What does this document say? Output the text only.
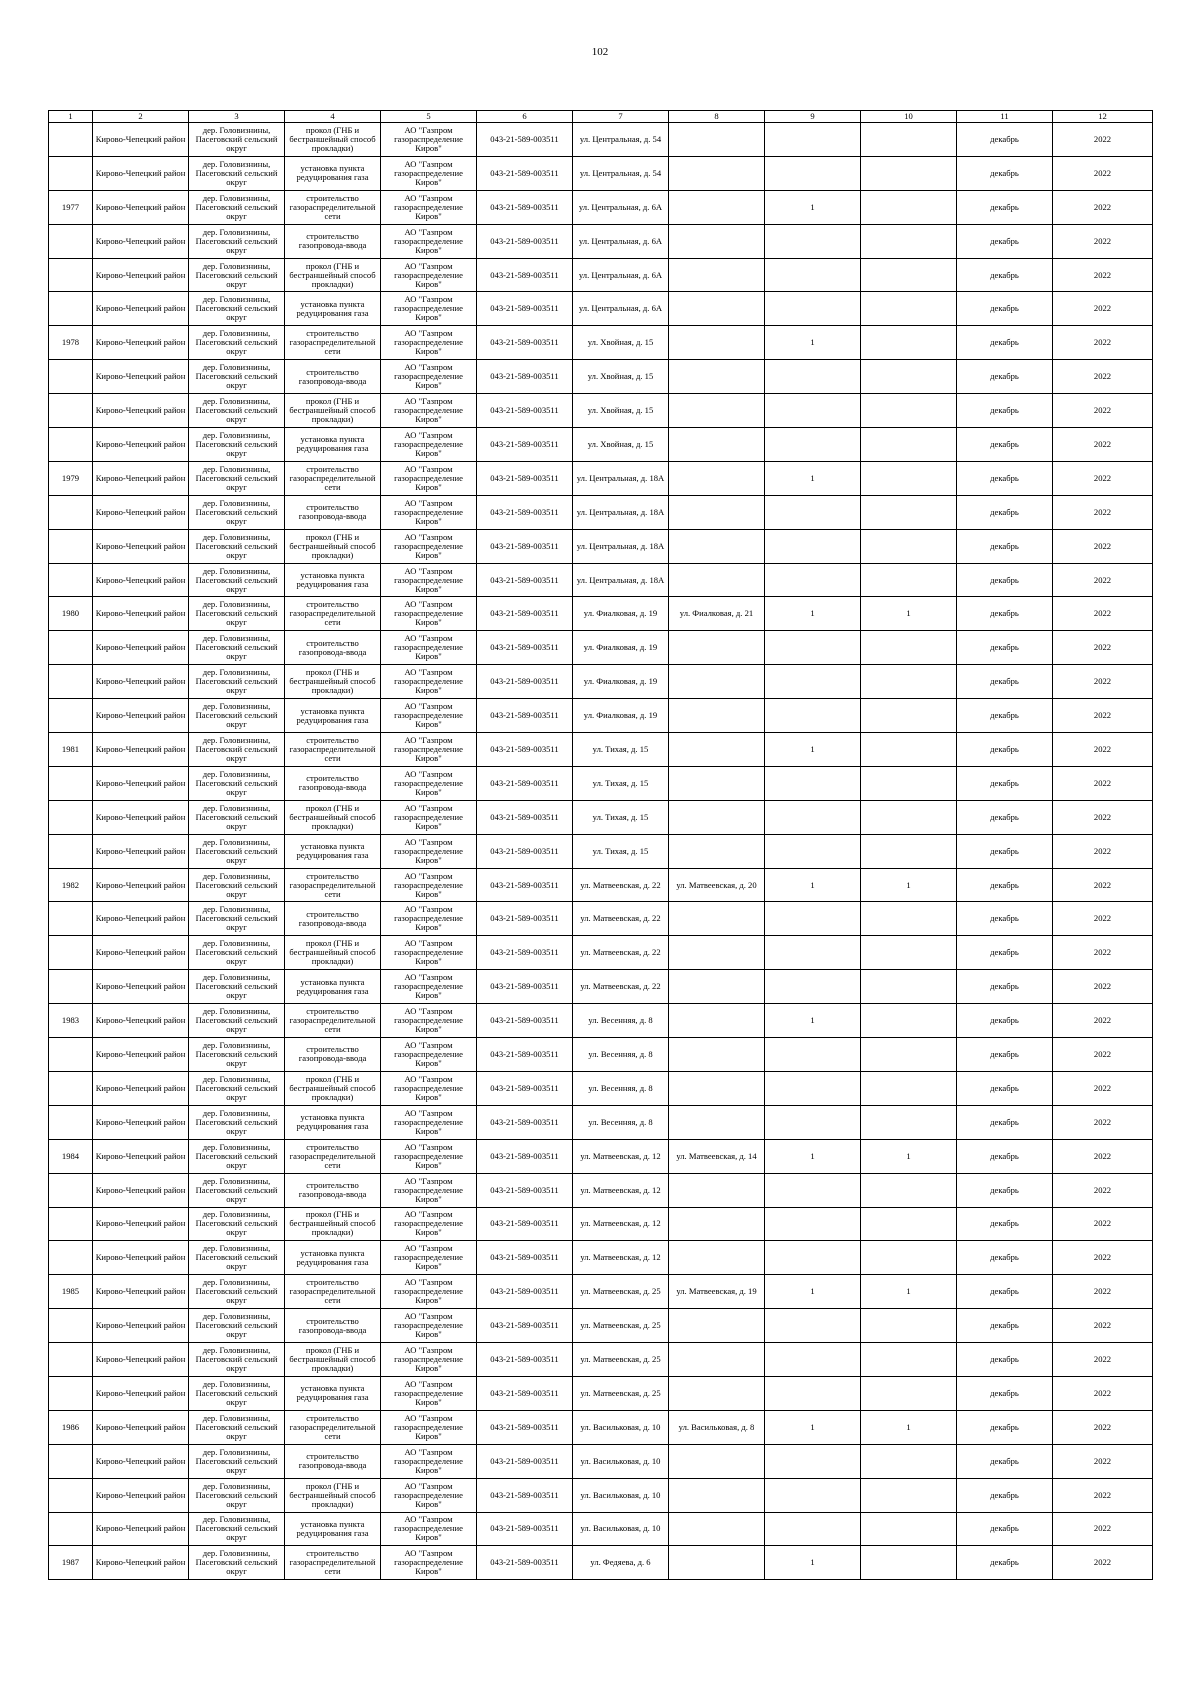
102
1	2	3	4	5	6	7	8	9	10	11	12

	Кирово-Чепецкий район	дер. Головизнины, Пасеговский сельский округ	прокол (ГНБ и бестраншейный способ прокладки)	АО "Газпром газораспределение Киров"	043-21-589-003511	ул. Центральная, д. 54				декабрь	2022

	Кирово-Чепецкий район	дер. Головизнины, Пасеговский сельский округ	установка пункта редуцирования газа	АО "Газпром газораспределение Киров"	043-21-589-003511	ул. Центральная, д. 54				декабрь	2022

1977	Кирово-Чепецкий район	дер. Головизнины, Пасеговский сельский округ	строительство газораспределительной сети	АО "Газпром газораспределение Киров"	043-21-589-003511	ул. Центральная, д. 6А		1		декабрь	2022

	Кирово-Чепецкий район	дер. Головизнины, Пасеговский сельский округ	строительство газопровода-ввода	АО "Газпром газораспределение Киров"	043-21-589-003511	ул. Центральная, д. 6А				декабрь	2022

	Кирово-Чепецкий район	дер. Головизнины, Пасеговский сельский округ	прокол (ГНБ и бестраншейный способ прокладки)	АО "Газпром газораспределение Киров"	043-21-589-003511	ул. Центральная, д. 6А				декабрь	2022

	Кирово-Чепецкий район	дер. Головизнины, Пасеговский сельский округ	установка пункта редуцирования газа	АО "Газпром газораспределение Киров"	043-21-589-003511	ул. Центральная, д. 6А				декабрь	2022

1978	Кирово-Чепецкий район	дер. Головизнины, Пасеговский сельский округ	строительство газораспределительной сети	АО "Газпром газораспределение Киров"	043-21-589-003511	ул. Хвойная, д. 15		1		декабрь	2022

	Кирово-Чепецкий район	дер. Головизнины, Пасеговский сельский округ	строительство газопровода-ввода	АО "Газпром газораспределение Киров"	043-21-589-003511	ул. Хвойная, д. 15				декабрь	2022

	Кирово-Чепецкий район	дер. Головизнины, Пасеговский сельский округ	прокол (ГНБ и бестраншейный способ прокладки)	АО "Газпром газораспределение Киров"	043-21-589-003511	ул. Хвойная, д. 15				декабрь	2022

	Кирово-Чепецкий район	дер. Головизнины, Пасеговский сельский округ	установка пункта редуцирования газа	АО "Газпром газораспределение Киров"	043-21-589-003511	ул. Хвойная, д. 15				декабрь	2022

1979	Кирово-Чепецкий район	дер. Головизнины, Пасеговский сельский округ	строительство газораспределительной сети	АО "Газпром газораспределение Киров"	043-21-589-003511	ул. Центральная, д. 18А		1		декабрь	2022

	Кирово-Чепецкий район	дер. Головизнины, Пасеговский сельский округ	строительство газопровода-ввода	АО "Газпром газораспределение Киров"	043-21-589-003511	ул. Центральная, д. 18А				декабрь	2022

	Кирово-Чепецкий район	дер. Головизнины, Пасеговский сельский округ	прокол (ГНБ и бестраншейный способ прокладки)	АО "Газпром газораспределение Киров"	043-21-589-003511	ул. Центральная, д. 18А				декабрь	2022

	Кирово-Чепецкий район	дер. Головизнины, Пасеговский сельский округ	установка пункта редуцирования газа	АО "Газпром газораспределение Киров"	043-21-589-003511	ул. Центральная, д. 18А				декабрь	2022

1980	Кирово-Чепецкий район	дер. Головизнины, Пасеговский сельский округ	строительство газораспределительной сети	АО "Газпром газораспределение Киров"	043-21-589-003511	ул. Фиалковая, д. 19	ул. Фиалковая, д. 21	1	1	декабрь	2022

	Кирово-Чепецкий район	дер. Головизнины, Пасеговский сельский округ	строительство газопровода-ввода	АО "Газпром газораспределение Киров"	043-21-589-003511	ул. Фиалковая, д. 19				декабрь	2022

	Кирово-Чепецкий район	дер. Головизнины, Пасеговский сельский округ	прокол (ГНБ и бестраншейный способ прокладки)	АО "Газпром газораспределение Киров"	043-21-589-003511	ул. Фиалковая, д. 19				декабрь	2022

	Кирово-Чепецкий район	дер. Головизнины, Пасеговский сельский округ	установка пункта редуцирования газа	АО "Газпром газораспределение Киров"	043-21-589-003511	ул. Фиалковая, д. 19				декабрь	2022

1981	Кирово-Чепецкий район	дер. Головизнины, Пасеговский сельский округ	строительство газораспределительной сети	АО "Газпром газораспределение Киров"	043-21-589-003511	ул. Тихая, д. 15		1		декабрь	2022

	Кирово-Чепецкий район	дер. Головизнины, Пасеговский сельский округ	строительство газопровода-ввода	АО "Газпром газораспределение Киров"	043-21-589-003511	ул. Тихая, д. 15				декабрь	2022

	Кирово-Чепецкий район	дер. Головизнины, Пасеговский сельский округ	прокол (ГНБ и бестраншейный способ прокладки)	АО "Газпром газораспределение Киров"	043-21-589-003511	ул. Тихая, д. 15				декабрь	2022

	Кирово-Чепецкий район	дер. Головизнины, Пасеговский сельский округ	установка пункта редуцирования газа	АО "Газпром газораспределение Киров"	043-21-589-003511	ул. Тихая, д. 15				декабрь	2022

1982	Кирово-Чепецкий район	дер. Головизнины, Пасеговский сельский округ	строительство газораспределительной сети	АО "Газпром газораспределение Киров"	043-21-589-003511	ул. Матвеевская, д. 22	ул. Матвеевская, д. 20	1	1	декабрь	2022

	Кирово-Чепецкий район	дер. Головизнины, Пасеговский сельский округ	строительство газопровода-ввода	АО "Газпром газораспределение Киров"	043-21-589-003511	ул. Матвеевская, д. 22				декабрь	2022

	Кирово-Чепецкий район	дер. Головизнины, Пасеговский сельский округ	прокол (ГНБ и бестраншейный способ прокладки)	АО "Газпром газораспределение Киров"	043-21-589-003511	ул. Матвеевская, д. 22				декабрь	2022

	Кирово-Чепецкий район	дер. Головизнины, Пасеговский сельский округ	установка пункта редуцирования газа	АО "Газпром газораспределение Киров"	043-21-589-003511	ул. Матвеевская, д. 22				декабрь	2022

1983	Кирово-Чепецкий район	дер. Головизнины, Пасеговский сельский округ	строительство газораспределительной сети	АО "Газпром газораспределение Киров"	043-21-589-003511	ул. Весенняя, д. 8		1		декабрь	2022

	Кирово-Чепецкий район	дер. Головизнины, Пасеговский сельский округ	строительство газопровода-ввода	АО "Газпром газораспределение Киров"	043-21-589-003511	ул. Весенняя, д. 8				декабрь	2022

	Кирово-Чепецкий район	дер. Головизнины, Пасеговский сельский округ	прокол (ГНБ и бестраншейный способ прокладки)	АО "Газпром газораспределение Киров"	043-21-589-003511	ул. Весенняя, д. 8				декабрь	2022

	Кирово-Чепецкий район	дер. Головизнины, Пасеговский сельский округ	установка пункта редуцирования газа	АО "Газпром газораспределение Киров"	043-21-589-003511	ул. Весенняя, д. 8				декабрь	2022

1984	Кирово-Чепецкий район	дер. Головизнины, Пасеговский сельский округ	строительство газораспределительной сети	АО "Газпром газораспределение Киров"	043-21-589-003511	ул. Матвеевская, д. 12	ул. Матвеевская, д. 14	1	1	декабрь	2022

	Кирово-Чепецкий район	дер. Головизнины, Пасеговский сельский округ	строительство газопровода-ввода	АО "Газпром газораспределение Киров"	043-21-589-003511	ул. Матвеевская, д. 12				декабрь	2022

	Кирово-Чепецкий район	дер. Головизнины, Пасеговский сельский округ	прокол (ГНБ и бестраншейный способ прокладки)	АО "Газпром газораспределение Киров"	043-21-589-003511	ул. Матвеевская, д. 12				декабрь	2022

	Кирово-Чепецкий район	дер. Головизнины, Пасеговский сельский округ	установка пункта редуцирования газа	АО "Газпром газораспределение Киров"	043-21-589-003511	ул. Матвеевская, д. 12				декабрь	2022

1985	Кирово-Чепецкий район	дер. Головизнины, Пасеговский сельский округ	строительство газораспределительной сети	АО "Газпром газораспределение Киров"	043-21-589-003511	ул. Матвеевская, д. 25	ул. Матвеевская, д. 19	1	1	декабрь	2022

	Кирово-Чепецкий район	дер. Головизнины, Пасеговский сельский округ	строительство газопровода-ввода	АО "Газпром газораспределение Киров"	043-21-589-003511	ул. Матвеевская, д. 25				декабрь	2022

	Кирово-Чепецкий район	дер. Головизнины, Пасеговский сельский округ	прокол (ГНБ и бестраншейный способ прокладки)	АО "Газпром газораспределение Киров"	043-21-589-003511	ул. Матвеевская, д. 25				декабрь	2022

	Кирово-Чепецкий район	дер. Головизнины, Пасеговский сельский округ	установка пункта редуцирования газа	АО "Газпром газораспределение Киров"	043-21-589-003511	ул. Матвеевская, д. 25				декабрь	2022

1986	Кирово-Чепецкий район	дер. Головизнины, Пасеговский сельский округ	строительство газораспределительной сети	АО "Газпром газораспределение Киров"	043-21-589-003511	ул. Васильковая, д. 10	ул. Васильковая, д. 8	1	1	декабрь	2022

	Кирово-Чепецкий район	дер. Головизнины, Пасеговский сельский округ	строительство газопровода-ввода	АО "Газпром газораспределение Киров"	043-21-589-003511	ул. Васильковая, д. 10				декабрь	2022

	Кирово-Чепецкий район	дер. Головизнины, Пасеговский сельский округ	прокол (ГНБ и бестраншейный способ прокладки)	АО "Газпром газораспределение Киров"	043-21-589-003511	ул. Васильковая, д. 10				декабрь	2022

	Кирово-Чепецкий район	дер. Головизнины, Пасеговский сельский округ	установка пункта редуцирования газа	АО "Газпром газораспределение Киров"	043-21-589-003511	ул. Васильковая, д. 10				декабрь	2022

1987	Кирово-Чепецкий район	дер. Головизнины, Пасеговский сельский округ	строительство газораспределительной сети	АО "Газпром газораспределение Киров"	043-21-589-003511	ул. Федяева, д. 6		1		декабрь	2022
